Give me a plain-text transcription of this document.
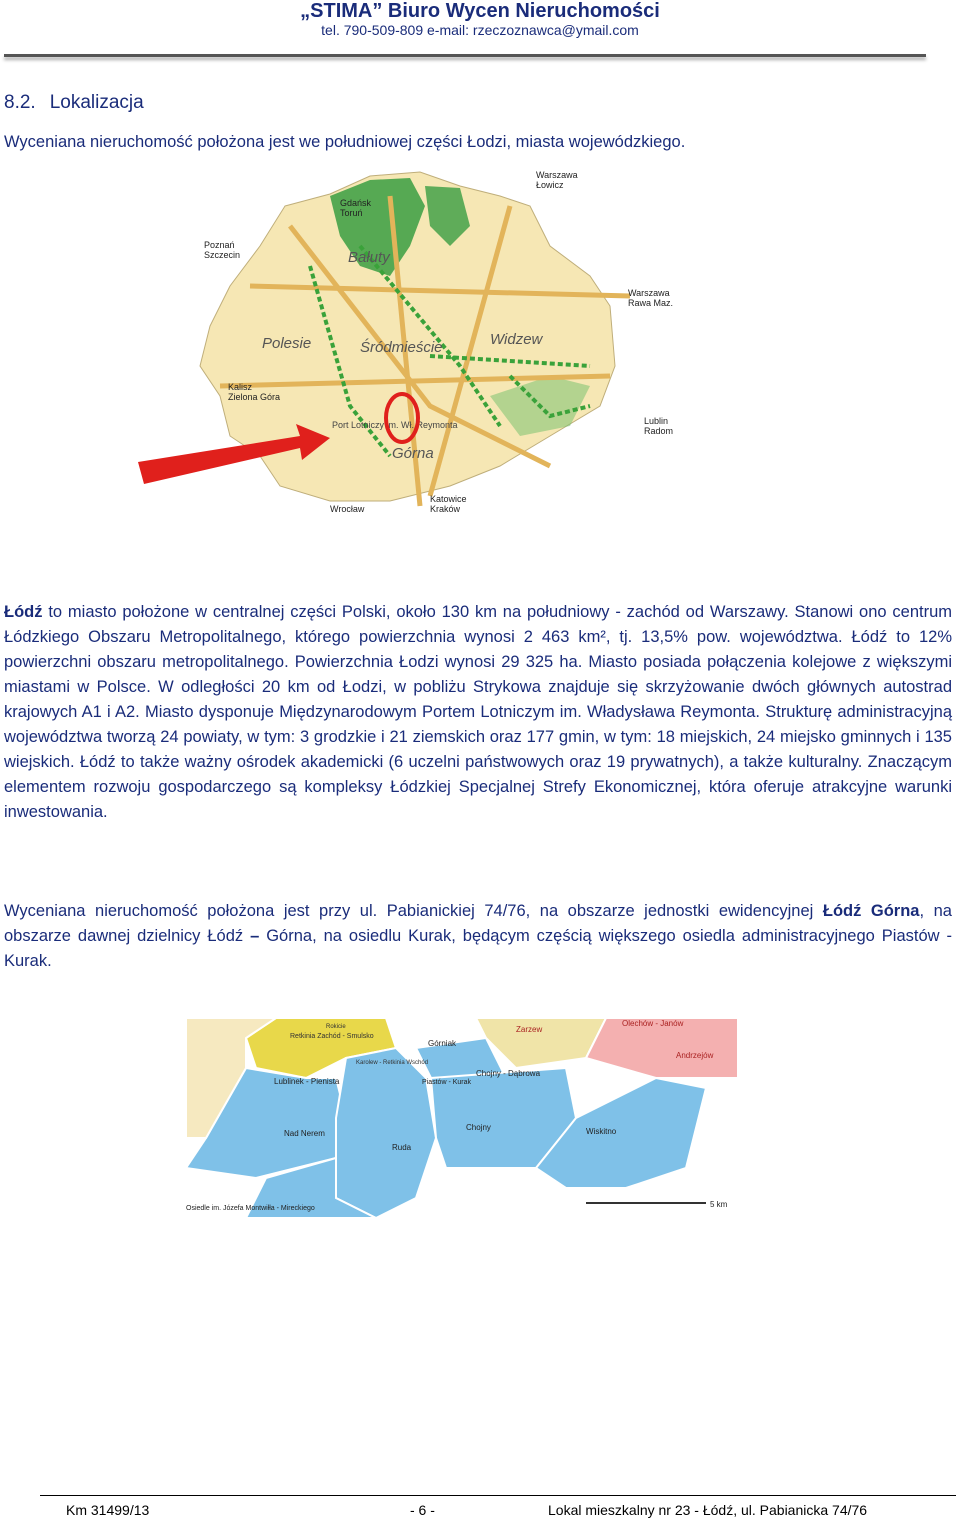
„STIMA” Biuro Wycen Nieruchomości
tel. 790-509-809 e-mail: rzeczoznawca@ymail.com
8.2. Lokalizacja
Wyceniana nieruchomość położona jest we południowej części Łodzi, miasta wojewódzkiego.
Bałuty
Polesie	Śródmieście	Widzew
Górna
Warszawa
Łowicz
Gdańsk
Toruń
Poznań
Szczecin
Warszawa
Rawa Maz.
Kalisz
Zielona Góra
Lublin
Radom
Katowice
Kraków
Wrocław
Port Lotniczy im. Wł. Reymonta
Łódź to miasto położone w centralnej części Polski, około 130 km na południowy - zachód od Warszawy. Stanowi ono centrum Łódzkiego Obszaru Metropolitalnego, którego powierzchnia wynosi 2 463 km², tj. 13,5% pow. województwa. Łódź to 12% powierzchni obszaru metropolitalnego. Powierzchnia Łodzi wynosi 29 325 ha. Miasto posiada połączenia kolejowe z większymi miastami w Polsce. W odległości 20 km od Łodzi, w pobliżu Strykowa znajduje się skrzyżowanie dwóch głównych autostrad krajowych A1 i A2. Miasto dysponuje Międzynarodowym Portem Lotniczym im. Władysława Reymonta. Strukturę administracyjną województwa tworzą 24 powiaty, w tym: 3 grodzkie i 21 ziemskich oraz 177 gmin, w tym: 18 miejskich, 24 miejsko gminnych i 135 wiejskich. Łódź to także ważny ośrodek akademicki (6 uczelni państwowych oraz 19 prywatnych), a także kulturalny. Znaczącym elementem rozwoju gospodarczego są kompleksy Łódzkiej Specjalnej Strefy Ekonomicznej, która oferuje atrakcyjne warunki inwestowania.
Wyceniana nieruchomość położona jest przy ul. Pabianickiej 74/76, na obszarze jednostki ewidencyjnej Łódź Górna, na obszarze dawnej dzielnicy Łódź – Górna, na osiedlu Kurak, będącym częścią większego osiedla administracyjnego Piastów - Kurak.
Rokicie
Retkinia Zachód - Smulsko
Lublinek - Pienista
Karolew - Retkinia Wschód
Górniak
Zarzew
Olechów - Janów
Andrzejów
Chojny - Dąbrowa
Piastów - Kurak
Nad Nerem
Chojny	Wiskitno
Ruda
Osiedle im. Józefa Montwiłła - Mireckiego	5 km
Km 31499/13	- 6 -	Lokal mieszkalny nr 23 - Łódź, ul. Pabianicka 74/76
